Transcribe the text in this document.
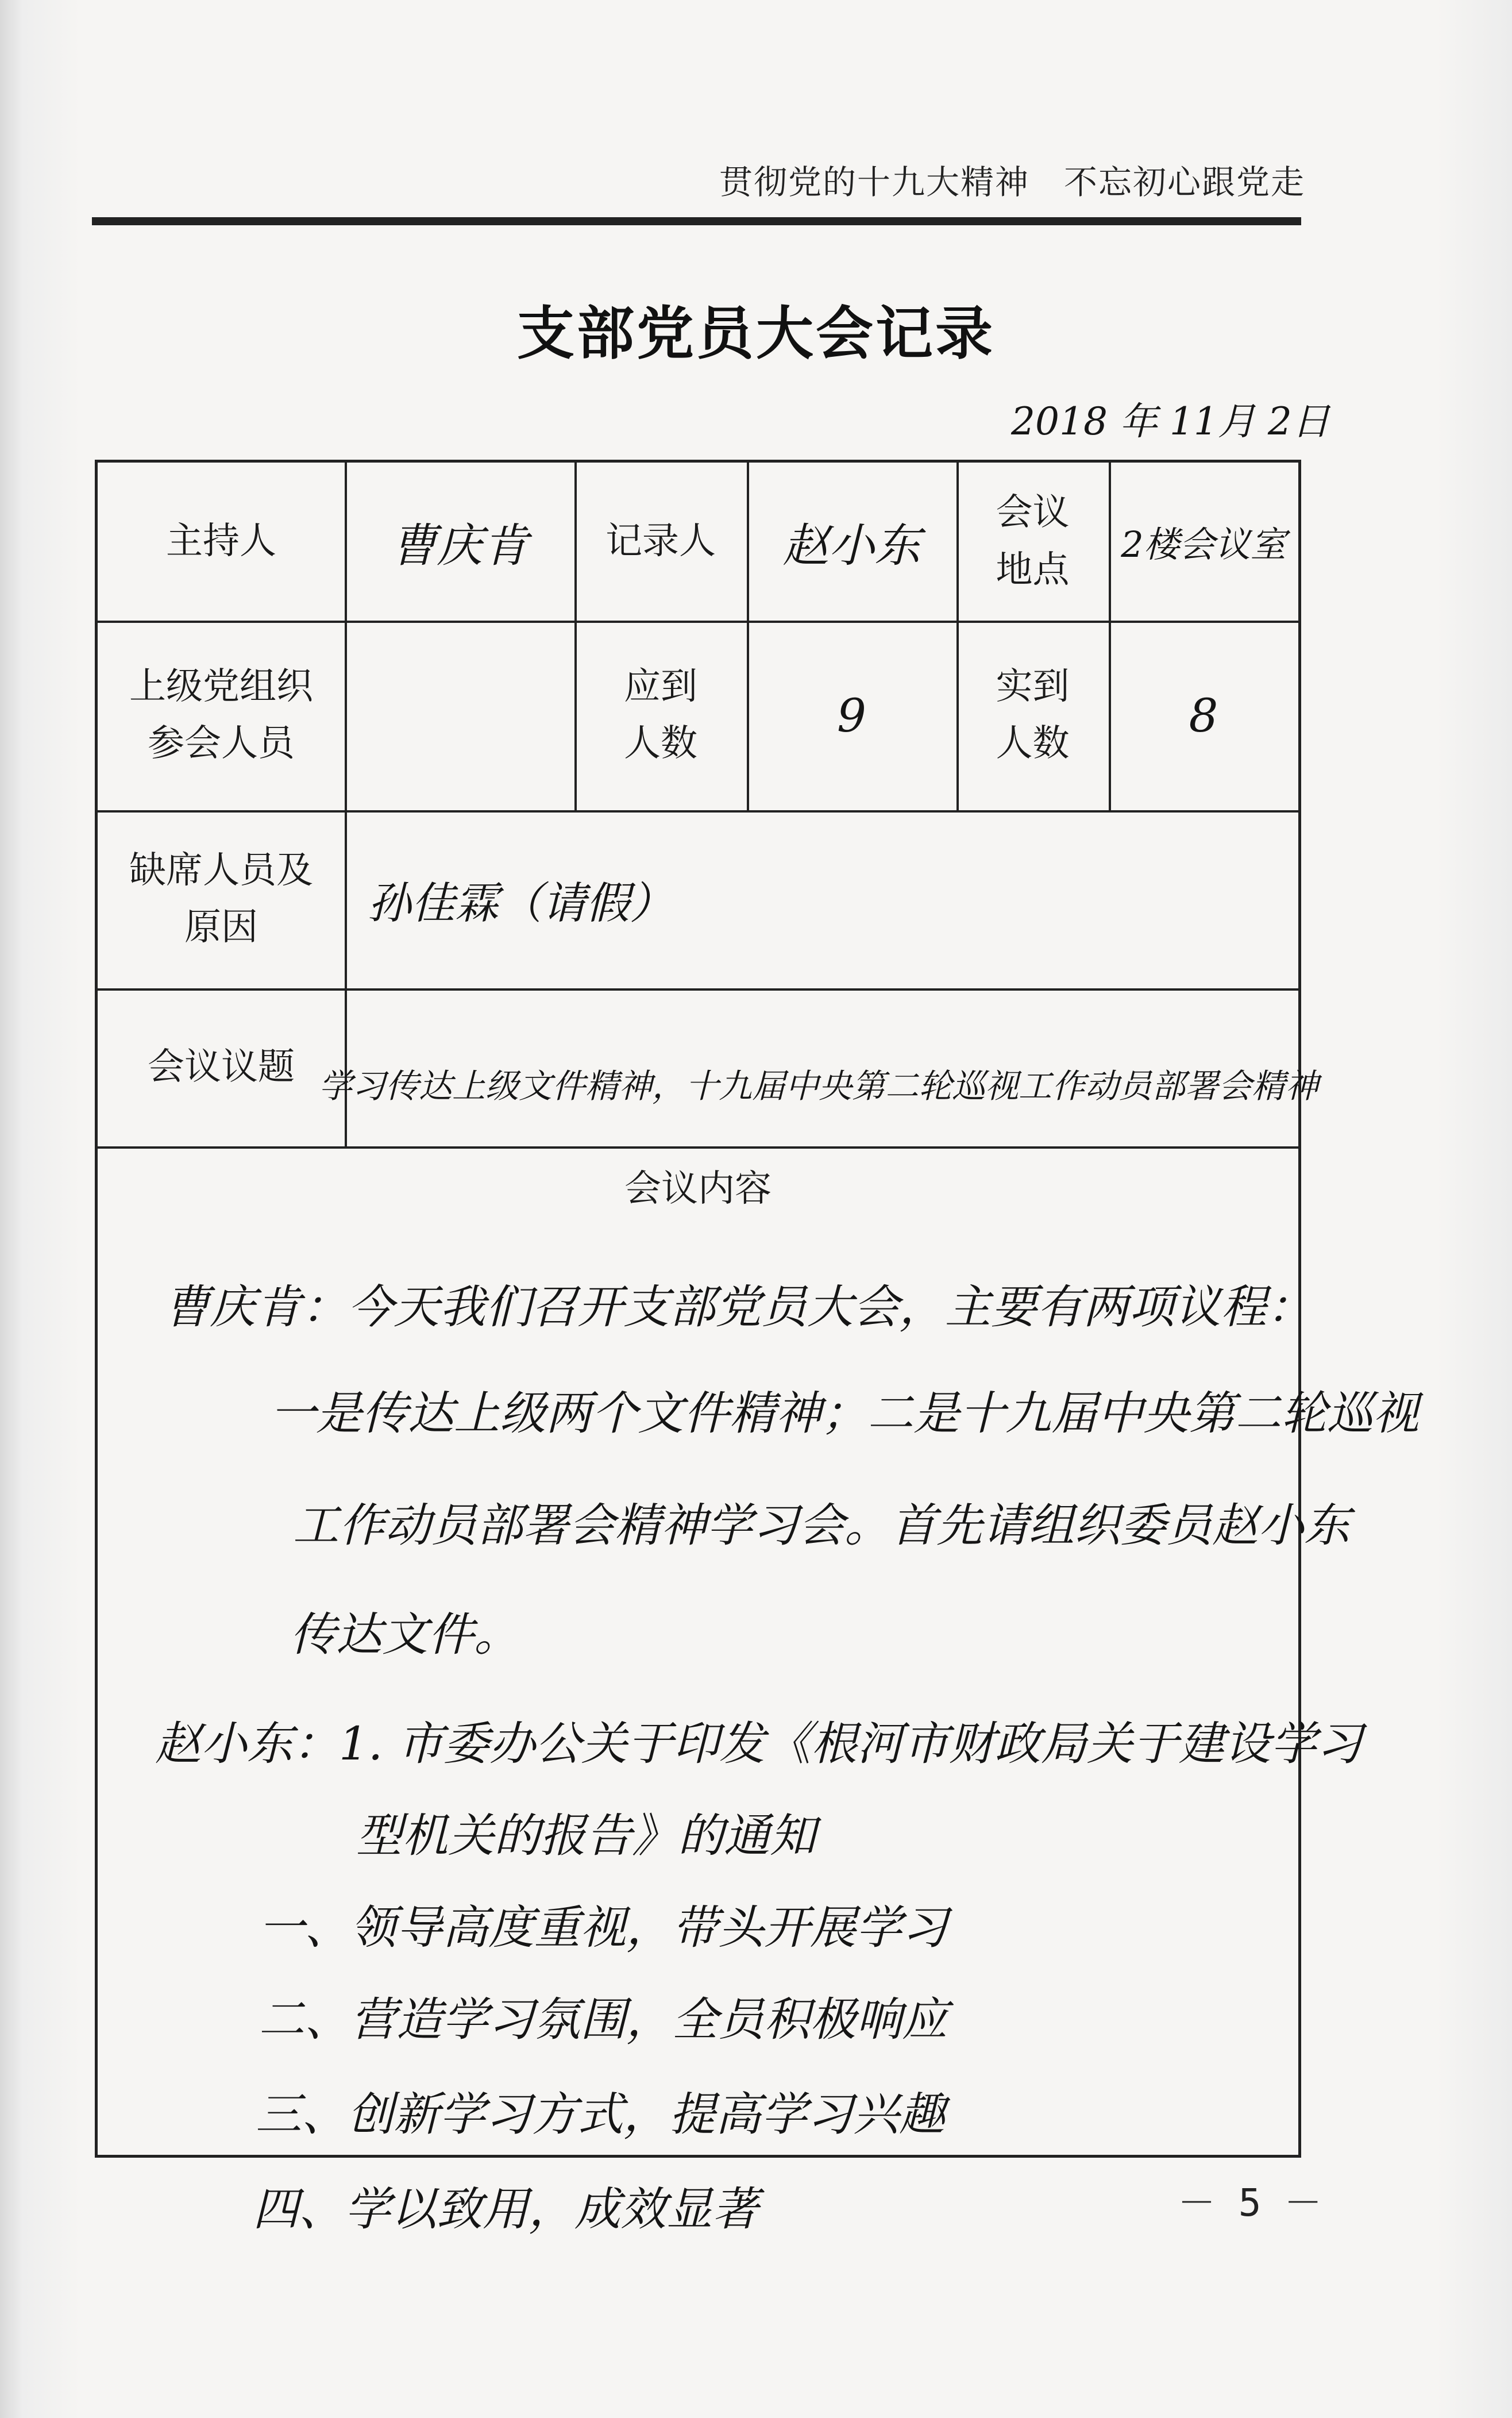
贯彻党的十九大精神　不忘初心跟党走
支部党员大会记录
2018 年 11月 2日
主持人 曹庆肯 记录人 赵小东
会议
地点
2楼会议室
上级党组织
参会人员
应到
人数
9
实到
人数
8
缺席人员及
原因	孙佳霖（请假）
会议议题 学习传达上级文件精神，十九届中央第二轮巡视工作动员部署会精神
会议内容
曹庆肯：今天我们召开支部党员大会，主要有两项议程：
一是传达上级两个文件精神；二是十九届中央第二轮巡视
工作动员部署会精神学习会。首先请组织委员赵小东
传达文件。
赵小东：1. 市委办公关于印发《根河市财政局关于建设学习
型机关的报告》的通知
一、领导高度重视，带头开展学习
二、营造学习氛围，全员积极响应
三、创新学习方式，提高学习兴趣
四、学以致用，成效显著	－ 5 －
